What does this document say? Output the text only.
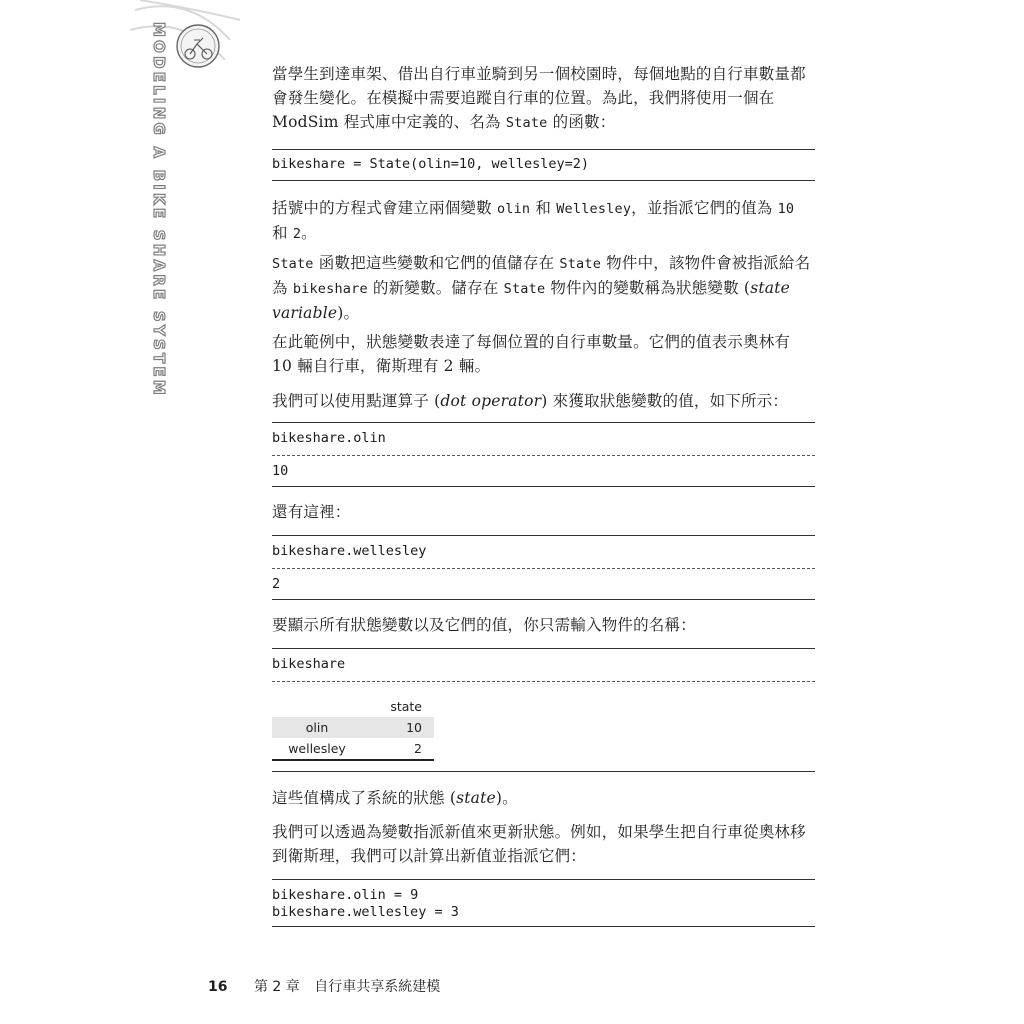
MODELING A BIKE SHARE SYSTEM	當學生到達車架、借出自行車並騎到另一個校園時，每個地點的自行車數量都會發生變化。在模擬中需要追蹤自行車的位置。為此，我們將使用一個在 ModSim 程式庫中定義的、名為 State 的函數：

bikeshare = State(olin=10, wellesley=2)

括號中的方程式會建立兩個變數 olin 和 Wellesley，並指派它們的值為 10 和 2。

State 函數把這些變數和它們的值儲存在 State 物件中，該物件會被指派給名為 bikeshare 的新變數。儲存在 State 物件內的變數稱為狀態變數 (state variable)。

在此範例中，狀態變數表達了每個位置的自行車數量。它們的值表示奧林有 10 輛自行車，衛斯理有 2 輛。

我們可以使用點運算子 (dot operator) 來獲取狀態變數的值，如下所示：

bikeshare.olin
10

還有這裡：

bikeshare.wellesley
2

要顯示所有狀態變數以及它們的值，你只需輸入物件的名稱：

bikeshare
	state
olin	10
wellesley	2

這些值構成了系統的狀態 (state)。

我們可以透過為變數指派新值來更新狀態。例如，如果學生把自行車從奧林移到衛斯理，我們可以計算出新值並指派它們：

bikeshare.olin = 9
bikeshare.wellesley = 3
16 第 2 章 自行車共享系統建模
